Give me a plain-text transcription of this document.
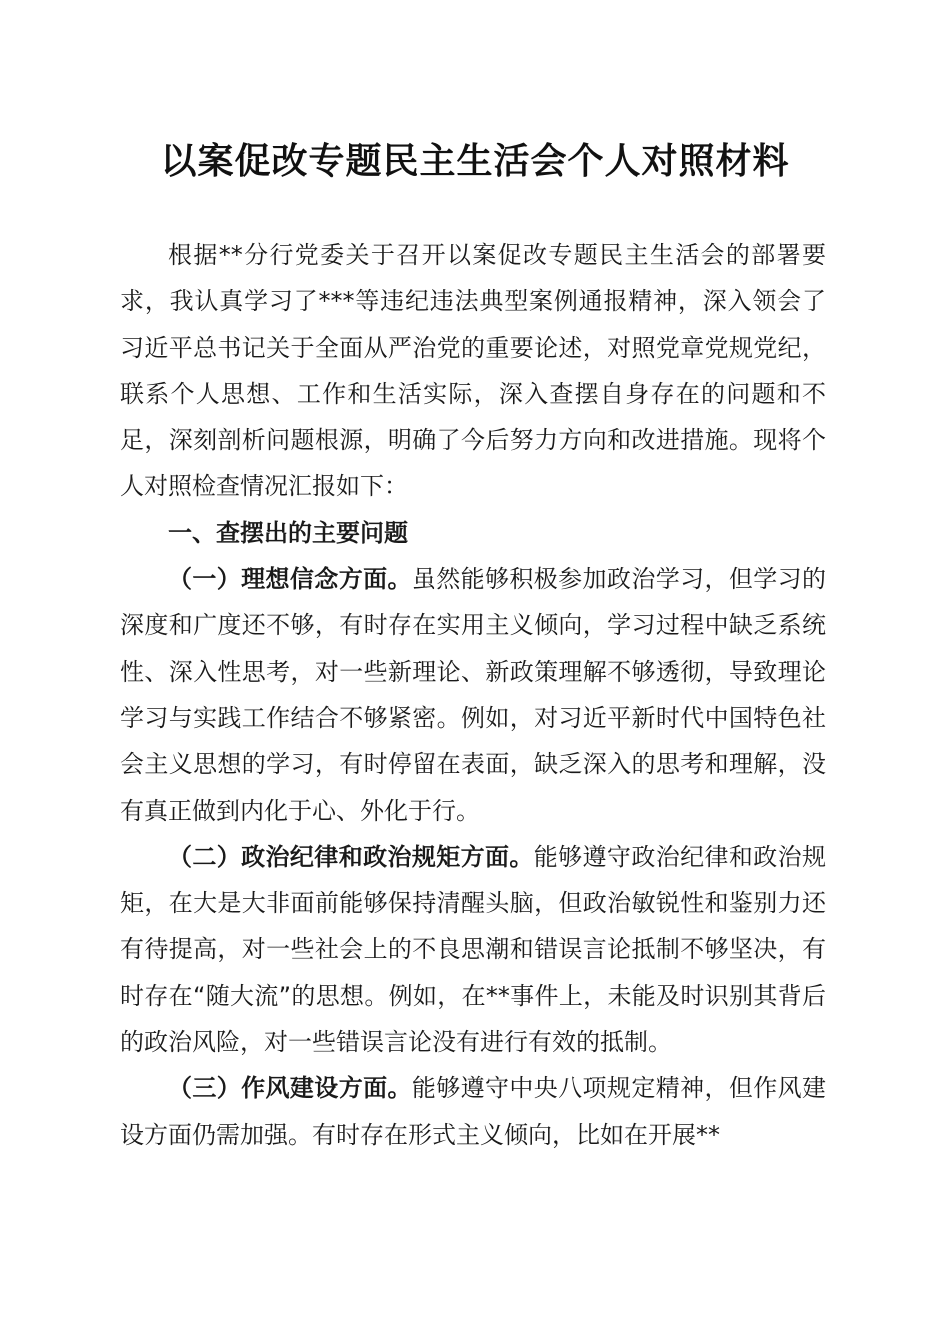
以案促改专题民主生活会个人对照材料

根据**分行党委关于召开以案促改专题民主生活会的部署要求，我认真学习了***等违纪违法典型案例通报精神，深入领会了习近平总书记关于全面从严治党的重要论述，对照党章党规党纪，联系个人思想、工作和生活实际，深入查摆自身存在的问题和不足，深刻剖析问题根源，明确了今后努力方向和改进措施。现将个人对照检查情况汇报如下：

一、查摆出的主要问题

（一）理想信念方面。虽然能够积极参加政治学习，但学习的深度和广度还不够，有时存在实用主义倾向，学习过程中缺乏系统性、深入性思考，对一些新理论、新政策理解不够透彻，导致理论学习与实践工作结合不够紧密。例如，对习近平新时代中国特色社会主义思想的学习，有时停留在表面，缺乏深入的思考和理解，没有真正做到内化于心、外化于行。

（二）政治纪律和政治规矩方面。能够遵守政治纪律和政治规矩，在大是大非面前能够保持清醒头脑，但政治敏锐性和鉴别力还有待提高，对一些社会上的不良思潮和错误言论抵制不够坚决，有时存在“随大流”的思想。例如，在**事件上，未能及时识别其背后的政治风险，对一些错误言论没有进行有效的抵制。

（三）作风建设方面。能够遵守中央八项规定精神，但作风建设方面仍需加强。有时存在形式主义倾向，比如在开展**
